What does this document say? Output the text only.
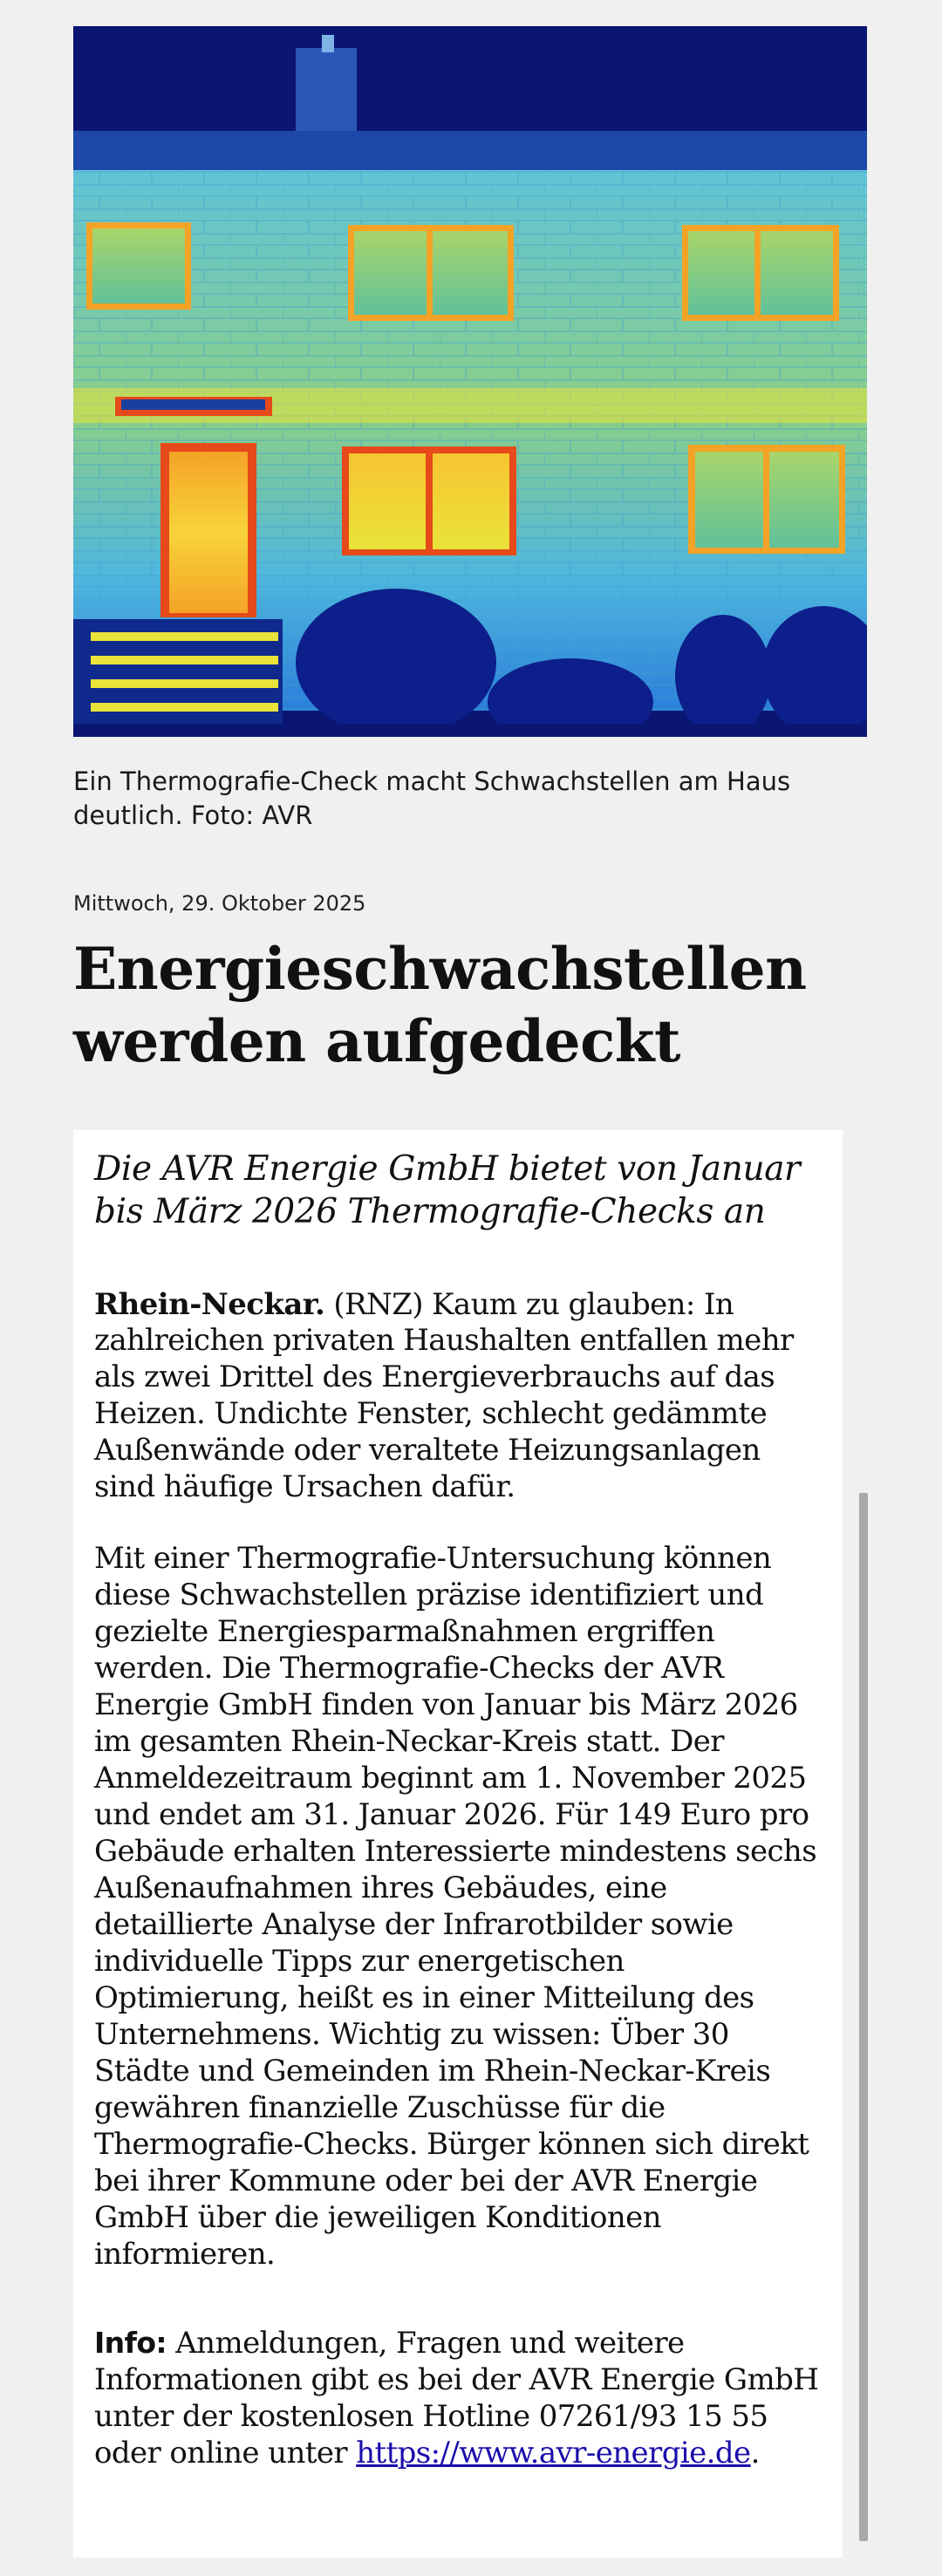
Ein Thermografie-Check macht Schwachstellen am Haus deutlich. Foto: AVR
Mittwoch, 29. Oktober 2025
Energieschwachstellen werden aufgedeckt

Die AVR Energie GmbH bietet von Januar bis März 2026 Thermografie-Checks an

Rhein-Neckar. (RNZ) Kaum zu glauben: In
zahlreichen privaten Haushalten entfallen mehr als zwei Drittel des Energieverbrauchs auf das Heizen. Undichte Fenster, schlecht gedämmte Außenwände oder veraltete Heizungsanlagen sind häufige Ursachen dafür.

Mit einer Thermografie-Untersuchung können diese Schwachstellen präzise identifiziert und gezielte Energiesparmaßnahmen ergriffen werden. Die Thermografie-Checks der AVR Energie GmbH finden von Januar bis März 2026 im gesamten Rhein-Neckar-Kreis statt. Der Anmeldezeitraum beginnt am 1. November 2025 und endet am 31. Januar 2026. Für 149 Euro pro Gebäude erhalten Interessierte mindestens sechs Außenaufnahmen ihres Gebäudes, eine detaillierte Analyse der Infrarotbilder sowie individuelle Tipps zur energetischen Optimierung, heißt es in einer Mitteilung des Unternehmens. Wichtig zu wissen: Über 30 Städte und Gemeinden im Rhein-Neckar-Kreis gewähren finanzielle Zuschüsse für die Thermografie-Checks. Bürger können sich direkt bei ihrer Kommune oder bei der AVR Energie GmbH über die jeweiligen Konditionen informieren.

Info: Anmeldungen, Fragen und weitere Informationen gibt es bei der AVR Energie GmbH unter der kostenlosen Hotline 07261/93 15 55 oder online unter https://www.avr-energie.de.
